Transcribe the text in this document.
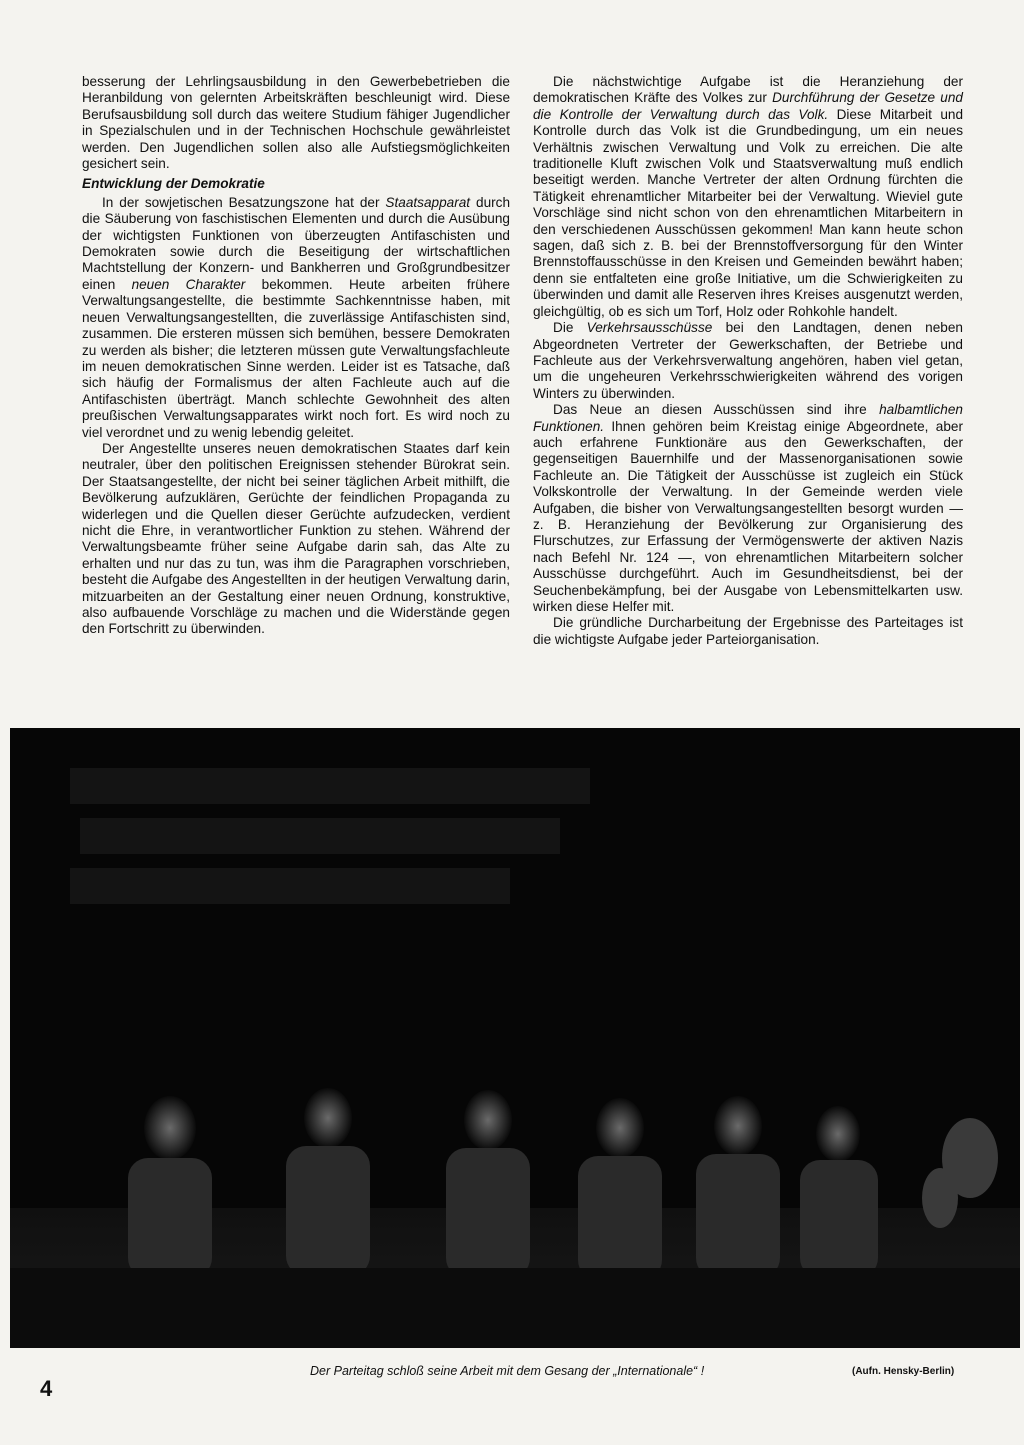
besserung der Lehrlingsausbildung in den Gewerbebetrieben die Heranbildung von gelernten Arbeitskräften beschleunigt wird. Diese Berufsausbildung soll durch das weitere Studium fähiger Jugendlicher in Spezialschulen und in der Technischen Hochschule gewährleistet werden. Den Jugendlichen sollen also alle Aufstiegsmöglichkeiten gesichert sein.

Entwicklung der Demokratie

In der sowjetischen Besatzungszone hat der Staatsapparat durch die Säuberung von faschistischen Elementen und durch die Ausübung der wichtigsten Funktionen von überzeugten Antifaschisten und Demokraten sowie durch die Beseitigung der wirtschaftlichen Machtstellung der Konzern- und Bankherren und Großgrundbesitzer einen neuen Charakter bekommen. Heute arbeiten frühere Verwaltungsangestellte, die bestimmte Sachkenntnisse haben, mit neuen Verwaltungsangestellten, die zuverlässige Antifaschisten sind, zusammen. Die ersteren müssen sich bemühen, bessere Demokraten zu werden als bisher; die letzteren müssen gute Verwaltungsfachleute im neuen demokratischen Sinne werden. Leider ist es Tatsache, daß sich häufig der Formalismus der alten Fachleute auch auf die Antifaschisten überträgt. Manch schlechte Gewohnheit des alten preußischen Verwaltungsapparates wirkt noch fort. Es wird noch zu viel verordnet und zu wenig lebendig geleitet.

Der Angestellte unseres neuen demokratischen Staates darf kein neutraler, über den politischen Ereignissen stehender Bürokrat sein. Der Staatsangestellte, der nicht bei seiner täglichen Arbeit mithilft, die Bevölkerung aufzuklären, Gerüchte der feindlichen Propaganda zu widerlegen und die Quellen dieser Gerüchte aufzudecken, verdient nicht die Ehre, in verantwortlicher Funktion zu stehen. Während der Verwaltungsbeamte früher seine Aufgabe darin sah, das Alte zu erhalten und nur das zu tun, was ihm die Paragraphen vorschrieben, besteht die Aufgabe des Angestellten in der heutigen Verwaltung darin, mitzuarbeiten an der Gestaltung einer neuen Ordnung, konstruktive, also aufbauende Vorschläge zu machen und die Widerstände gegen den Fortschritt zu überwinden.

Die nächstwichtige Aufgabe ist die Heranziehung der demokratischen Kräfte des Volkes zur Durchführung der Gesetze und die Kontrolle der Verwaltung durch das Volk. Diese Mitarbeit und Kontrolle durch das Volk ist die Grundbedingung, um ein neues Verhältnis zwischen Verwaltung und Volk zu erreichen. Die alte traditionelle Kluft zwischen Volk und Staatsverwaltung muß endlich beseitigt werden. Manche Vertreter der alten Ordnung fürchten die Tätigkeit ehrenamtlicher Mitarbeiter bei der Verwaltung. Wieviel gute Vorschläge sind nicht schon von den ehrenamtlichen Mitarbeitern in den verschiedenen Ausschüssen gekommen! Man kann heute schon sagen, daß sich z. B. bei der Brennstoffversorgung für den Winter Brennstoffausschüsse in den Kreisen und Gemeinden bewährt haben; denn sie entfalteten eine große Initiative, um die Schwierigkeiten zu überwinden und damit alle Reserven ihres Kreises ausgenutzt werden, gleichgültig, ob es sich um Torf, Holz oder Rohkohle handelt.

Die Verkehrsausschüsse bei den Landtagen, denen neben Abgeordneten Vertreter der Gewerkschaften, der Betriebe und Fachleute aus der Verkehrsverwaltung angehören, haben viel getan, um die ungeheuren Verkehrsschwierigkeiten während des vorigen Winters zu überwinden.

Das Neue an diesen Ausschüssen sind ihre halbamtlichen Funktionen. Ihnen gehören beim Kreistag einige Abgeordnete, aber auch erfahrene Funktionäre aus den Gewerkschaften, der gegenseitigen Bauernhilfe und der Massenorganisationen sowie Fachleute an. Die Tätigkeit der Ausschüsse ist zugleich ein Stück Volkskontrolle der Verwaltung. In der Gemeinde werden viele Aufgaben, die bisher von Verwaltungsangestellten besorgt wurden — z. B. Heranziehung der Bevölkerung zur Organisierung des Flurschutzes, zur Erfassung der Vermögenswerte der aktiven Nazis nach Befehl Nr. 124 —, von ehrenamtlichen Mitarbeitern solcher Ausschüsse durchgeführt. Auch im Gesundheitsdienst, bei der Seuchenbekämpfung, bei der Ausgabe von Lebensmittelkarten usw. wirken diese Helfer mit.

Die gründliche Durcharbeitung der Ergebnisse des Parteitages ist die wichtigste Aufgabe jeder Parteiorganisation.

4
Der Parteitag schloß seine Arbeit mit dem Gesang der „Internationale“ !	(Aufn. Hensky-Berlin)
